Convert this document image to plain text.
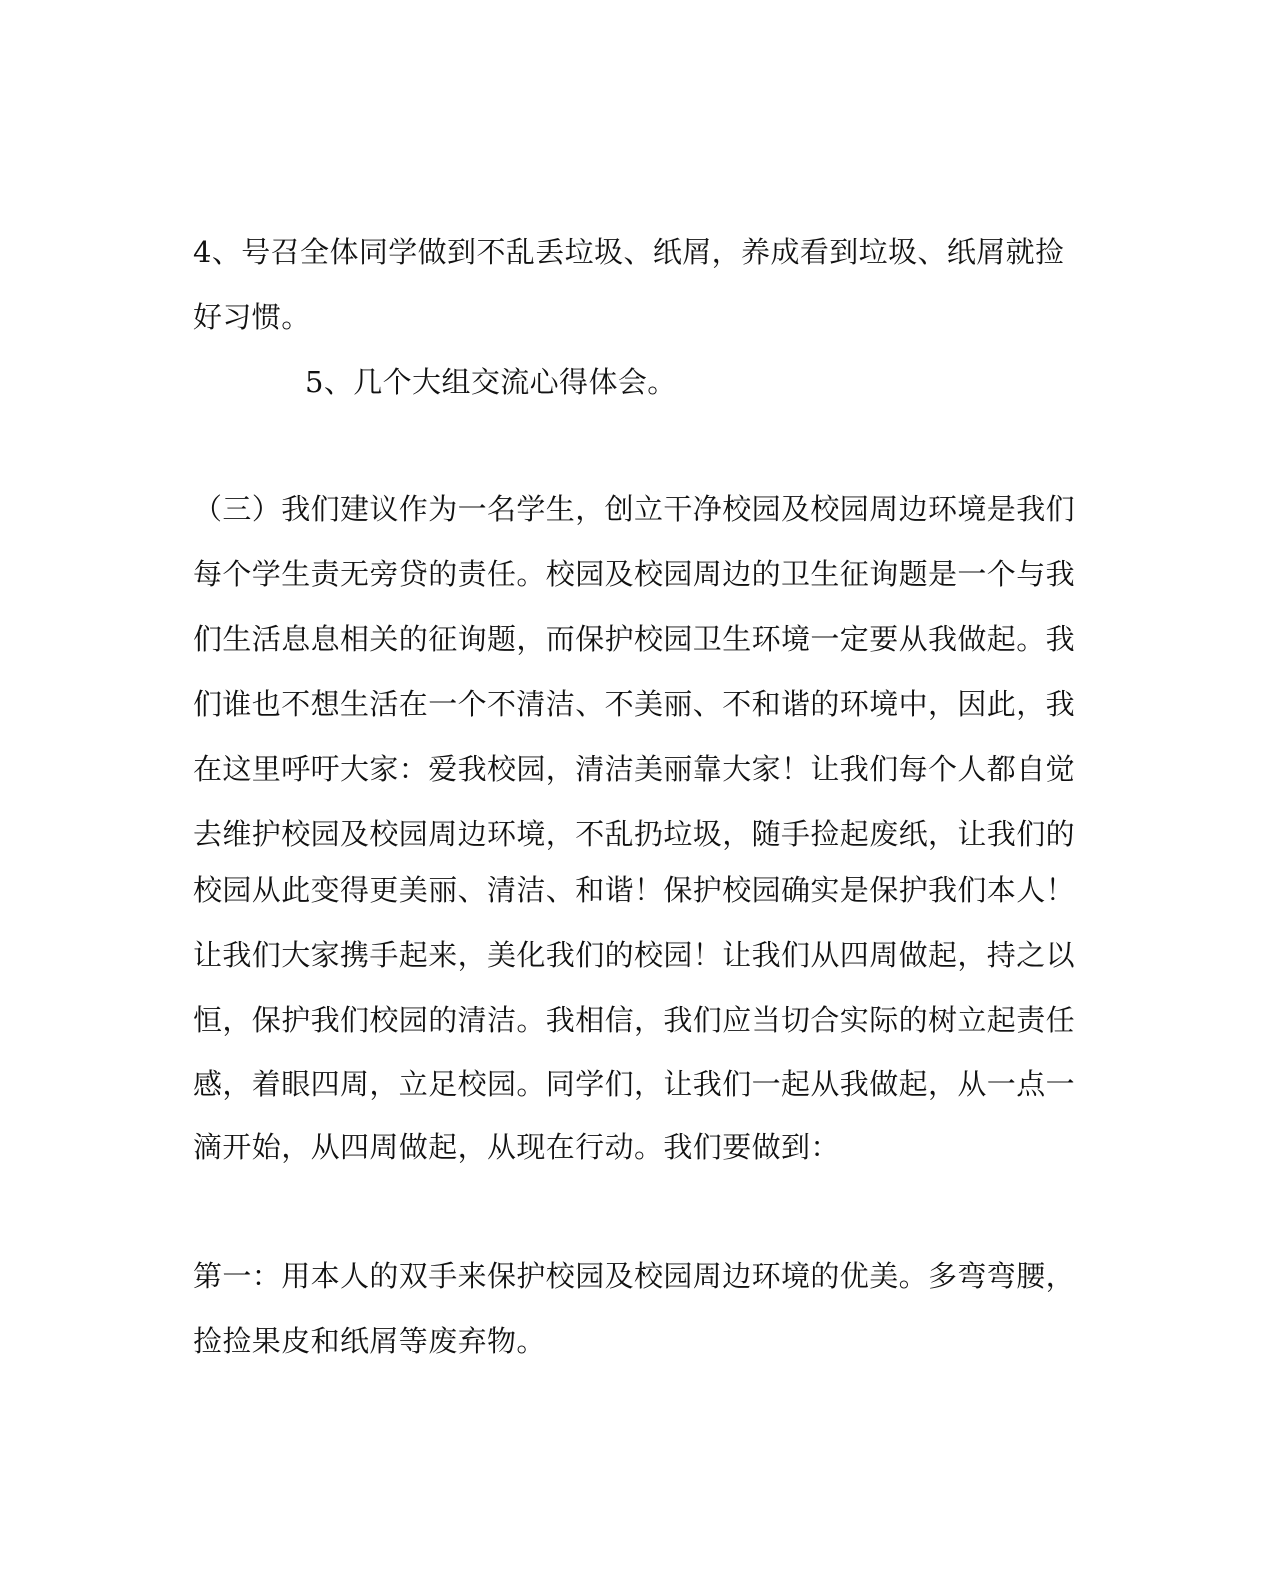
4、号召全体同学做到不乱丢垃圾、纸屑，养成看到垃圾、纸屑就捡
好习惯。
5、几个大组交流心得体会。
（三）我们建议作为一名学生，创立干净校园及校园周边环境是我们
每个学生责无旁贷的责任。校园及校园周边的卫生征询题是一个与我
们生活息息相关的征询题，而保护校园卫生环境一定要从我做起。我
们谁也不想生活在一个不清洁、不美丽、不和谐的环境中，因此，我
在这里呼吁大家：爱我校园，清洁美丽靠大家！让我们每个人都自觉
去维护校园及校园周边环境，不乱扔垃圾，随手捡起废纸，让我们的
校园从此变得更美丽、清洁、和谐！保护校园确实是保护我们本人！
让我们大家携手起来，美化我们的校园！让我们从四周做起，持之以
恒，保护我们校园的清洁。我相信，我们应当切合实际的树立起责任
感，着眼四周，立足校园。同学们，让我们一起从我做起，从一点一
滴开始，从四周做起，从现在行动。我们要做到：
第一：用本人的双手来保护校园及校园周边环境的优美。多弯弯腰，
捡捡果皮和纸屑等废弃物。
